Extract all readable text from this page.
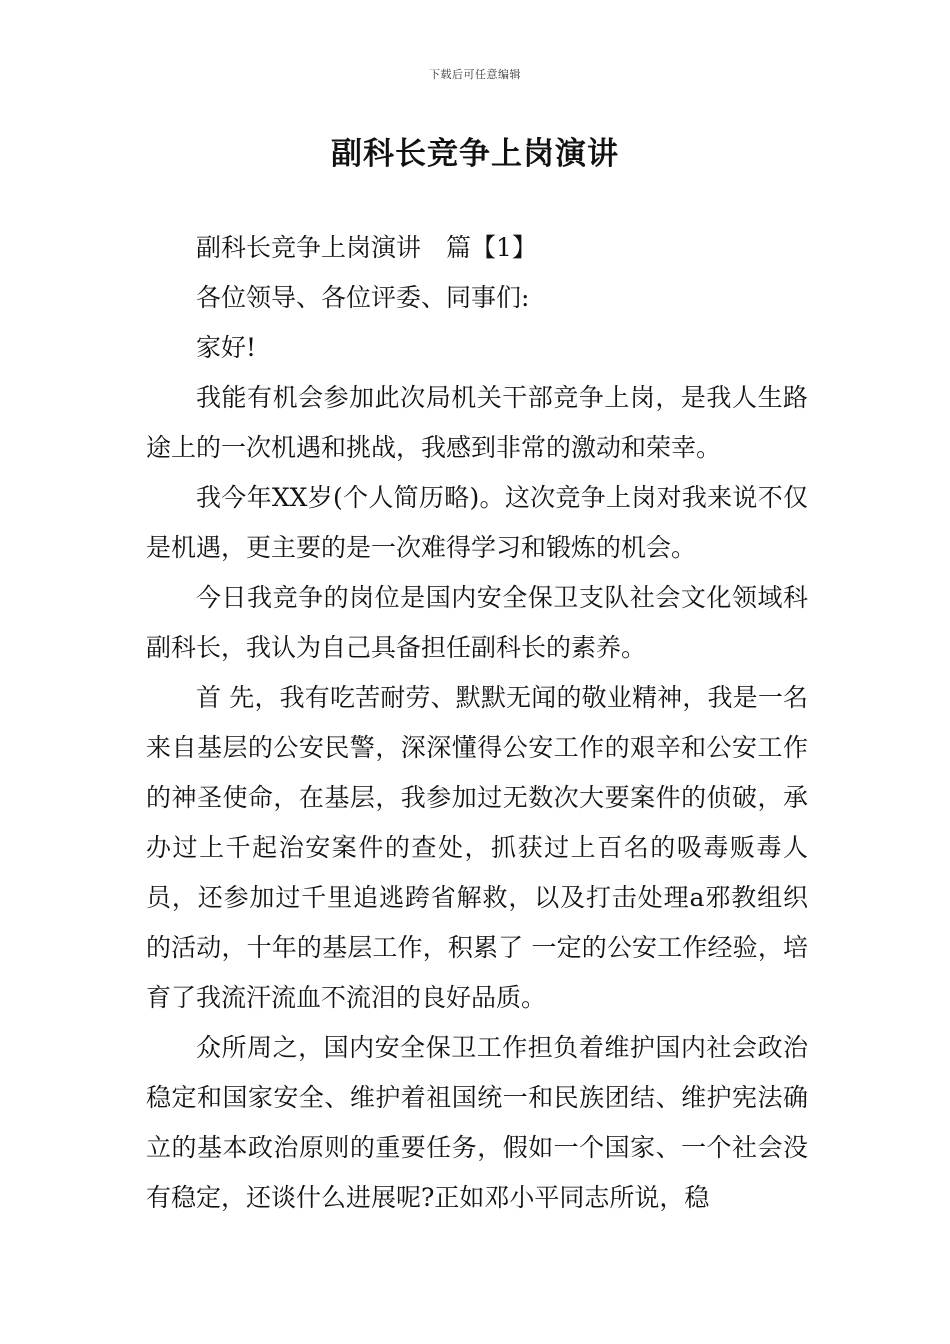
下载后可任意编辑
副科长竞争上岗演讲

副科长竞争上岗演讲　篇【1】

各位领导、各位评委、同事们:

家好!

我能有机会参加此次局机关干部竞争上岗，是我人生路途上的一次机遇和挑战，我感到非常的激动和荣幸。

我今年XX岁(个人简历略)。这次竞争上岗对我来说不仅是机遇，更主要的是一次难得学习和锻炼的机会。

今日我竞争的岗位是国内安全保卫支队社会文化领域科副科长，我认为自己具备担任副科长的素养。

首 先，我有吃苦耐劳、默默无闻的敬业精神，我是一名来自基层的公安民警，深深懂得公安工作的艰辛和公安工作的神圣使命，在基层，我参加过无数次大要案件的侦破，承办过上千起治安案件的查处，抓获过上百名的吸毒贩毒人员，还参加过千里追逃跨省解救，以及打击处理a邪教组织的活动，十年的基层工作，积累了 一定的公安工作经验，培育了我流汗流血不流泪的良好品质。

众所周之，国内安全保卫工作担负着维护国内社会政治稳定和国家安全、维护着祖国统一和民族团结、维护宪法确立的基本政治原则的重要任务，假如一个国家、一个社会没有稳定，还谈什么进展呢?正如邓小平同志所说，稳
